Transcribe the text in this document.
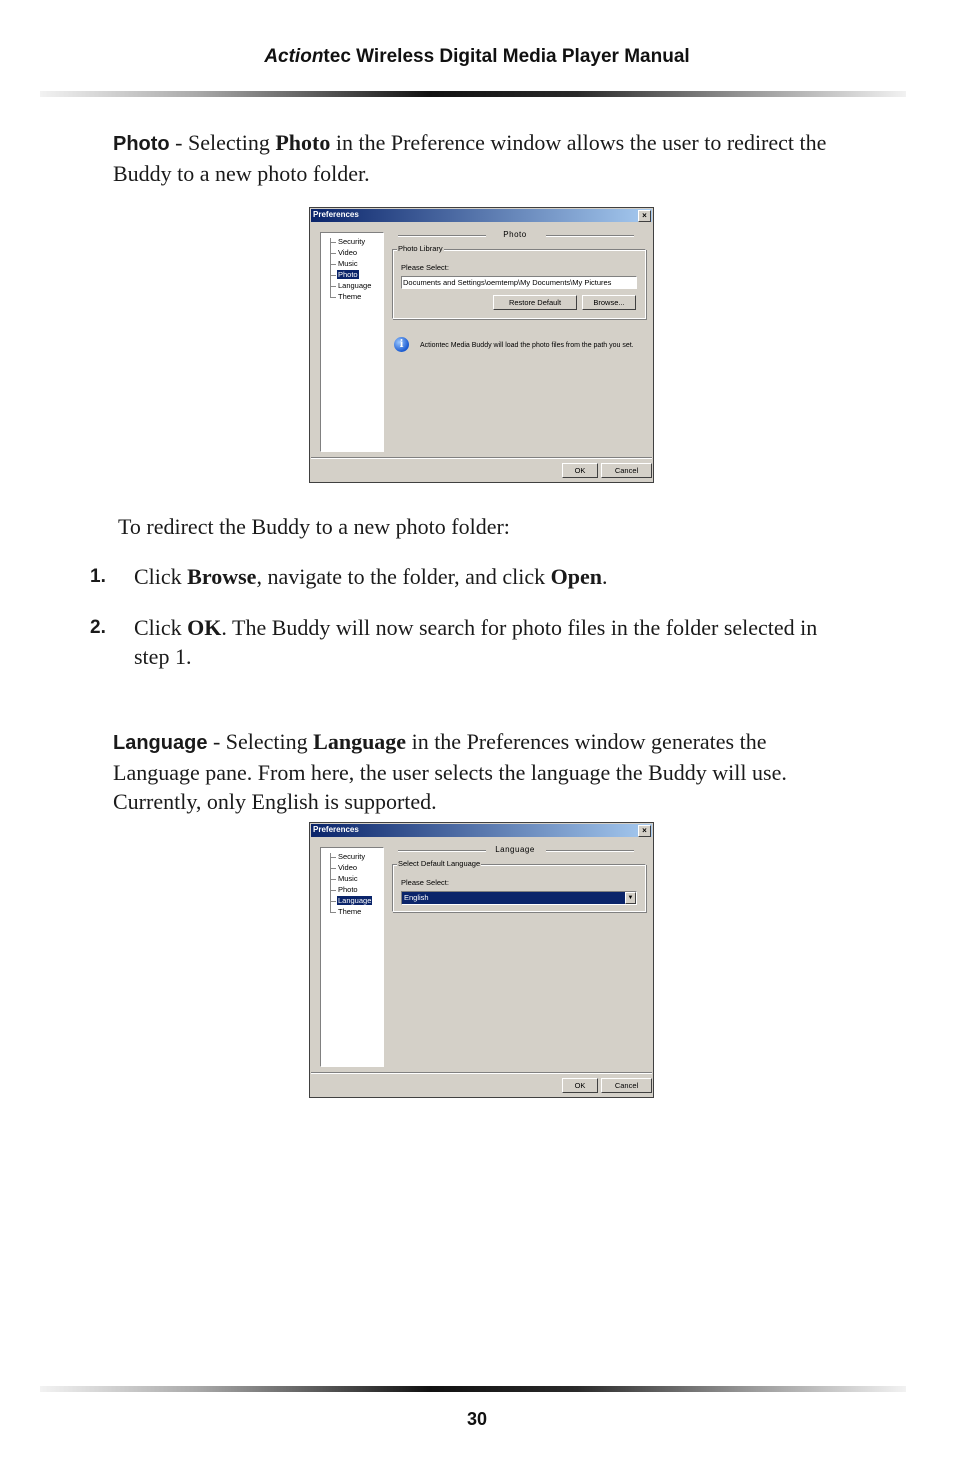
Actiontec Wireless Digital Media Player Manual

Photo - Selecting Photo in the Preference window allows the user to redirect the Buddy to a new photo folder.

Preferences	×
Security
Video
Music
Photo
Language
Theme
Photo
Photo Library
Please Select:
Documents and Settings\oemtemp\My Documents\My Pictures
Restore Default	Browse...
i	Actiontec Media Buddy will load the photo files from the path you set.
OK	Cancel

To redirect the Buddy to a new photo folder:

1. Click Browse, navigate to the folder, and click Open.
2. Click OK. The Buddy will now search for photo files in the folder selected in step 1.

Language - Selecting Language in the Preferences window generates the Language pane. From here, the user selects the language the Buddy will use. Currently, only English is supported.

Preferences	×
Security
Video
Music
Photo
Language
Theme
Language
Select Default Language
Please Select:
English	▼
OK	Cancel
30
